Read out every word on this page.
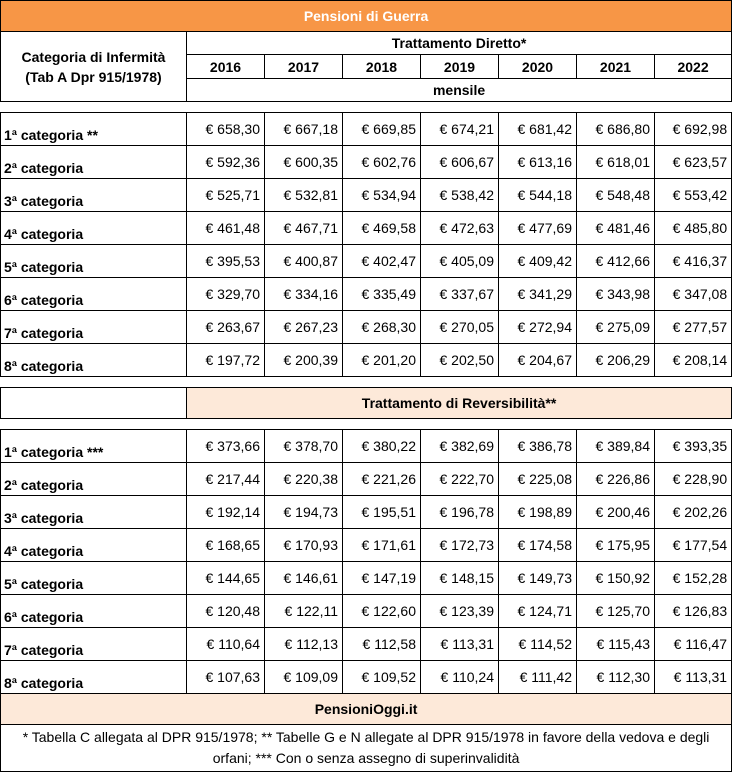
Pensioni di Guerra							
Categoria di Infermità (Tab A Dpr 915/1978)	Trattamento Diretto*						
	2016	2017	2018	2019	2020	2021	2022
	mensile						

1ª categoria **	€ 658,30	€ 667,18	€ 669,85	€ 674,21	€ 681,42	€ 686,80	€ 692,98
2ª categoria	€ 592,36	€ 600,35	€ 602,76	€ 606,67	€ 613,16	€ 618,01	€ 623,57
3ª categoria	€ 525,71	€ 532,81	€ 534,94	€ 538,42	€ 544,18	€ 548,48	€ 553,42
4ª categoria	€ 461,48	€ 467,71	€ 469,58	€ 472,63	€ 477,69	€ 481,46	€ 485,80
5ª categoria	€ 395,53	€ 400,87	€ 402,47	€ 405,09	€ 409,42	€ 412,66	€ 416,37
6ª categoria	€ 329,70	€ 334,16	€ 335,49	€ 337,67	€ 341,29	€ 343,98	€ 347,08
7ª categoria	€ 263,67	€ 267,23	€ 268,30	€ 270,05	€ 272,94	€ 275,09	€ 277,57
8ª categoria	€ 197,72	€ 200,39	€ 201,20	€ 202,50	€ 204,67	€ 206,29	€ 208,14

	Trattamento di Reversibilità**						

1ª categoria ***	€ 373,66	€ 378,70	€ 380,22	€ 382,69	€ 386,78	€ 389,84	€ 393,35
2ª categoria	€ 217,44	€ 220,38	€ 221,26	€ 222,70	€ 225,08	€ 226,86	€ 228,90
3ª categoria	€ 192,14	€ 194,73	€ 195,51	€ 196,78	€ 198,89	€ 200,46	€ 202,26
4ª categoria	€ 168,65	€ 170,93	€ 171,61	€ 172,73	€ 174,58	€ 175,95	€ 177,54
5ª categoria	€ 144,65	€ 146,61	€ 147,19	€ 148,15	€ 149,73	€ 150,92	€ 152,28
6ª categoria	€ 120,48	€ 122,11	€ 122,60	€ 123,39	€ 124,71	€ 125,70	€ 126,83
7ª categoria	€ 110,64	€ 112,13	€ 112,58	€ 113,31	€ 114,52	€ 115,43	€ 116,47
8ª categoria	€ 107,63	€ 109,09	€ 109,52	€ 110,24	€ 111,42	€ 112,30	€ 113,31
PensioniOggi.it							
* Tabella C allegata al DPR 915/1978; ** Tabelle G e N allegate al DPR 915/1978 in favore della vedova e degli orfani; *** Con o senza assegno di superinvalidità							
